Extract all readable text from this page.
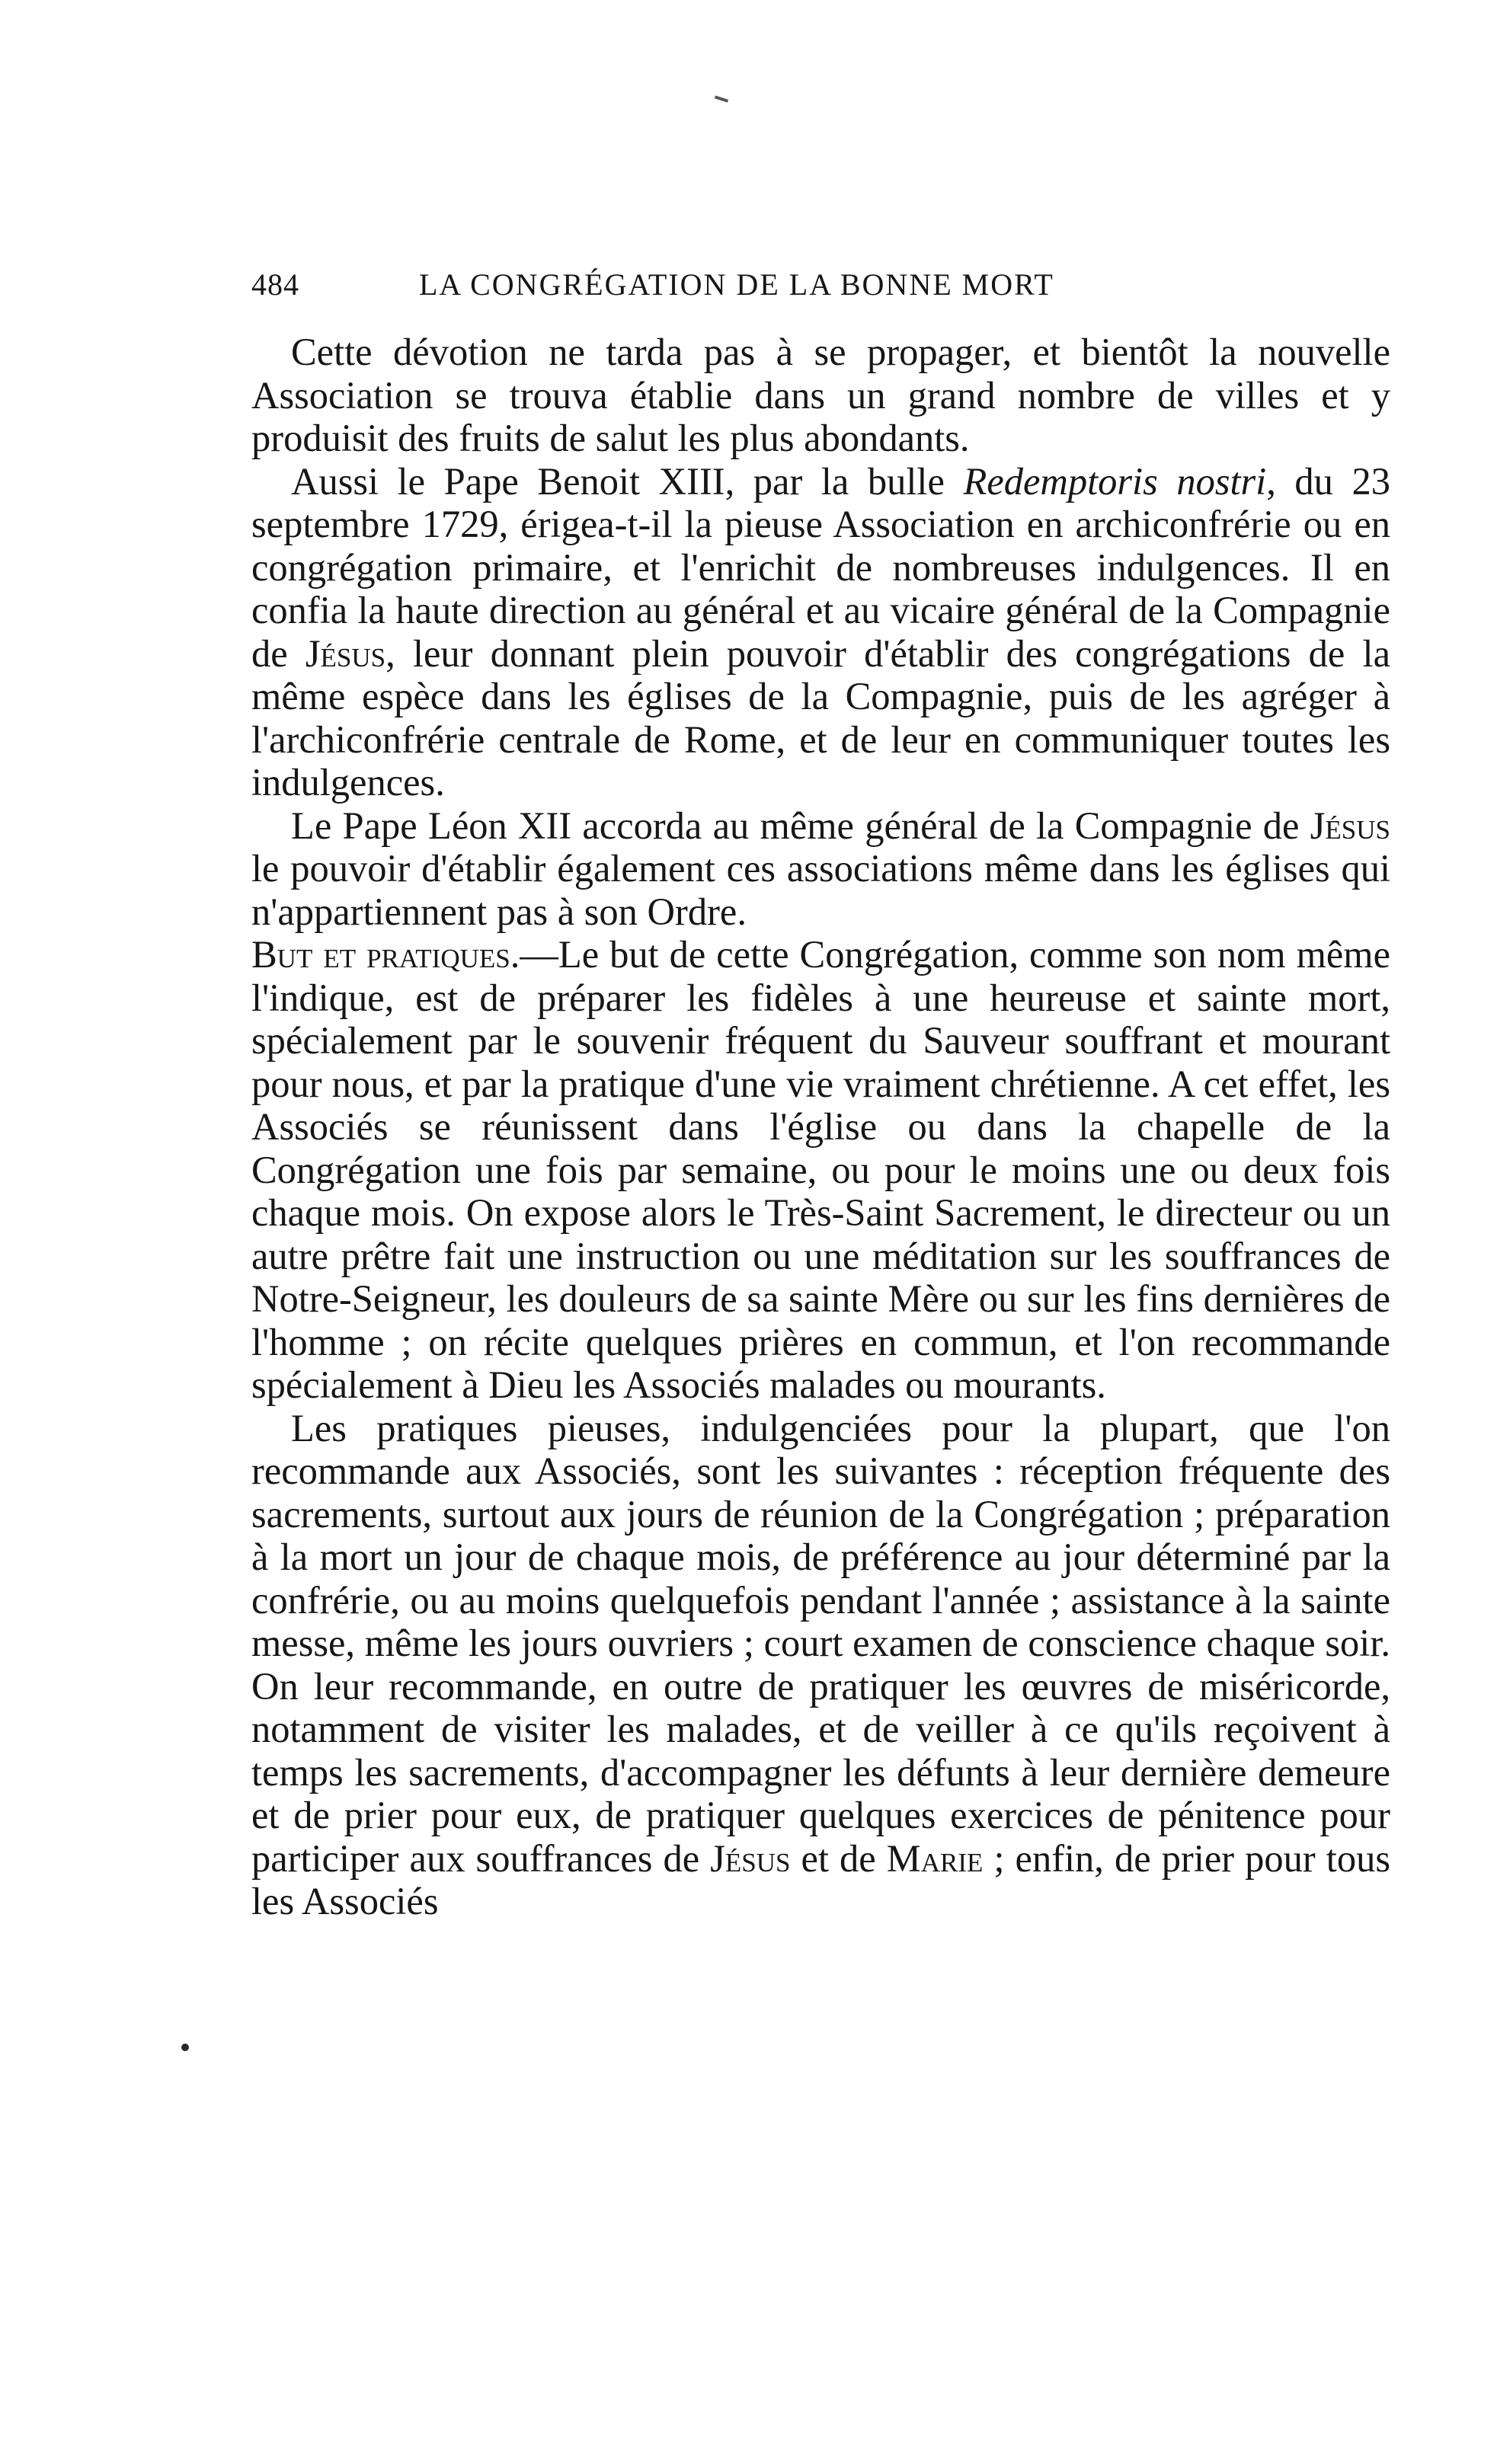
484	LA CONGRÉGATION DE LA BONNE MORT

Cette dévotion ne tarda pas à se propager, et bientôt la nouvelle Association se trouva établie dans un grand nombre de villes et y produisit des fruits de salut les plus abondants.

Aussi le Pape Benoit XIII, par la bulle Redemptoris nostri, du 23 septembre 1729, érigea-t-il la pieuse Association en archiconfrérie ou en congrégation primaire, et l'enrichit de nombreuses indulgences. Il en confia la haute direction au général et au vicaire général de la Compagnie de Jésus, leur donnant plein pouvoir d'établir des congrégations de la même espèce dans les églises de la Compagnie, puis de les agréger à l'archiconfrérie centrale de Rome, et de leur en communiquer toutes les indulgences.

Le Pape Léon XII accorda au même général de la Compagnie de Jésus le pouvoir d'établir également ces associations même dans les églises qui n'appartiennent pas à son Ordre.

But et pratiques.—Le but de cette Congrégation, comme son nom même l'indique, est de préparer les fidèles à une heureuse et sainte mort, spécialement par le souvenir fréquent du Sauveur souffrant et mourant pour nous, et par la pratique d'une vie vraiment chrétienne. A cet effet, les Associés se réunissent dans l'église ou dans la chapelle de la Congrégation une fois par semaine, ou pour le moins une ou deux fois chaque mois. On expose alors le Très-Saint Sacrement, le directeur ou un autre prêtre fait une instruction ou une méditation sur les souffrances de Notre-Seigneur, les douleurs de sa sainte Mère ou sur les fins dernières de l'homme ; on récite quelques prières en commun, et l'on recommande spécialement à Dieu les Associés malades ou mourants.

Les pratiques pieuses, indulgenciées pour la plupart, que l'on recommande aux Associés, sont les suivantes : réception fréquente des sacrements, surtout aux jours de réunion de la Congrégation ; préparation à la mort un jour de chaque mois, de préférence au jour déterminé par la confrérie, ou au moins quelquefois pendant l'année ; assistance à la sainte messe, même les jours ouvriers ; court examen de conscience chaque soir. On leur recommande, en outre de pratiquer les œuvres de miséricorde, notamment de visiter les malades, et de veiller à ce qu'ils reçoivent à temps les sacrements, d'accompagner les défunts à leur dernière demeure et de prier pour eux, de pratiquer quelques exercices de pénitence pour participer aux souffrances de Jésus et de Marie ; enfin, de prier pour tous les Associés
